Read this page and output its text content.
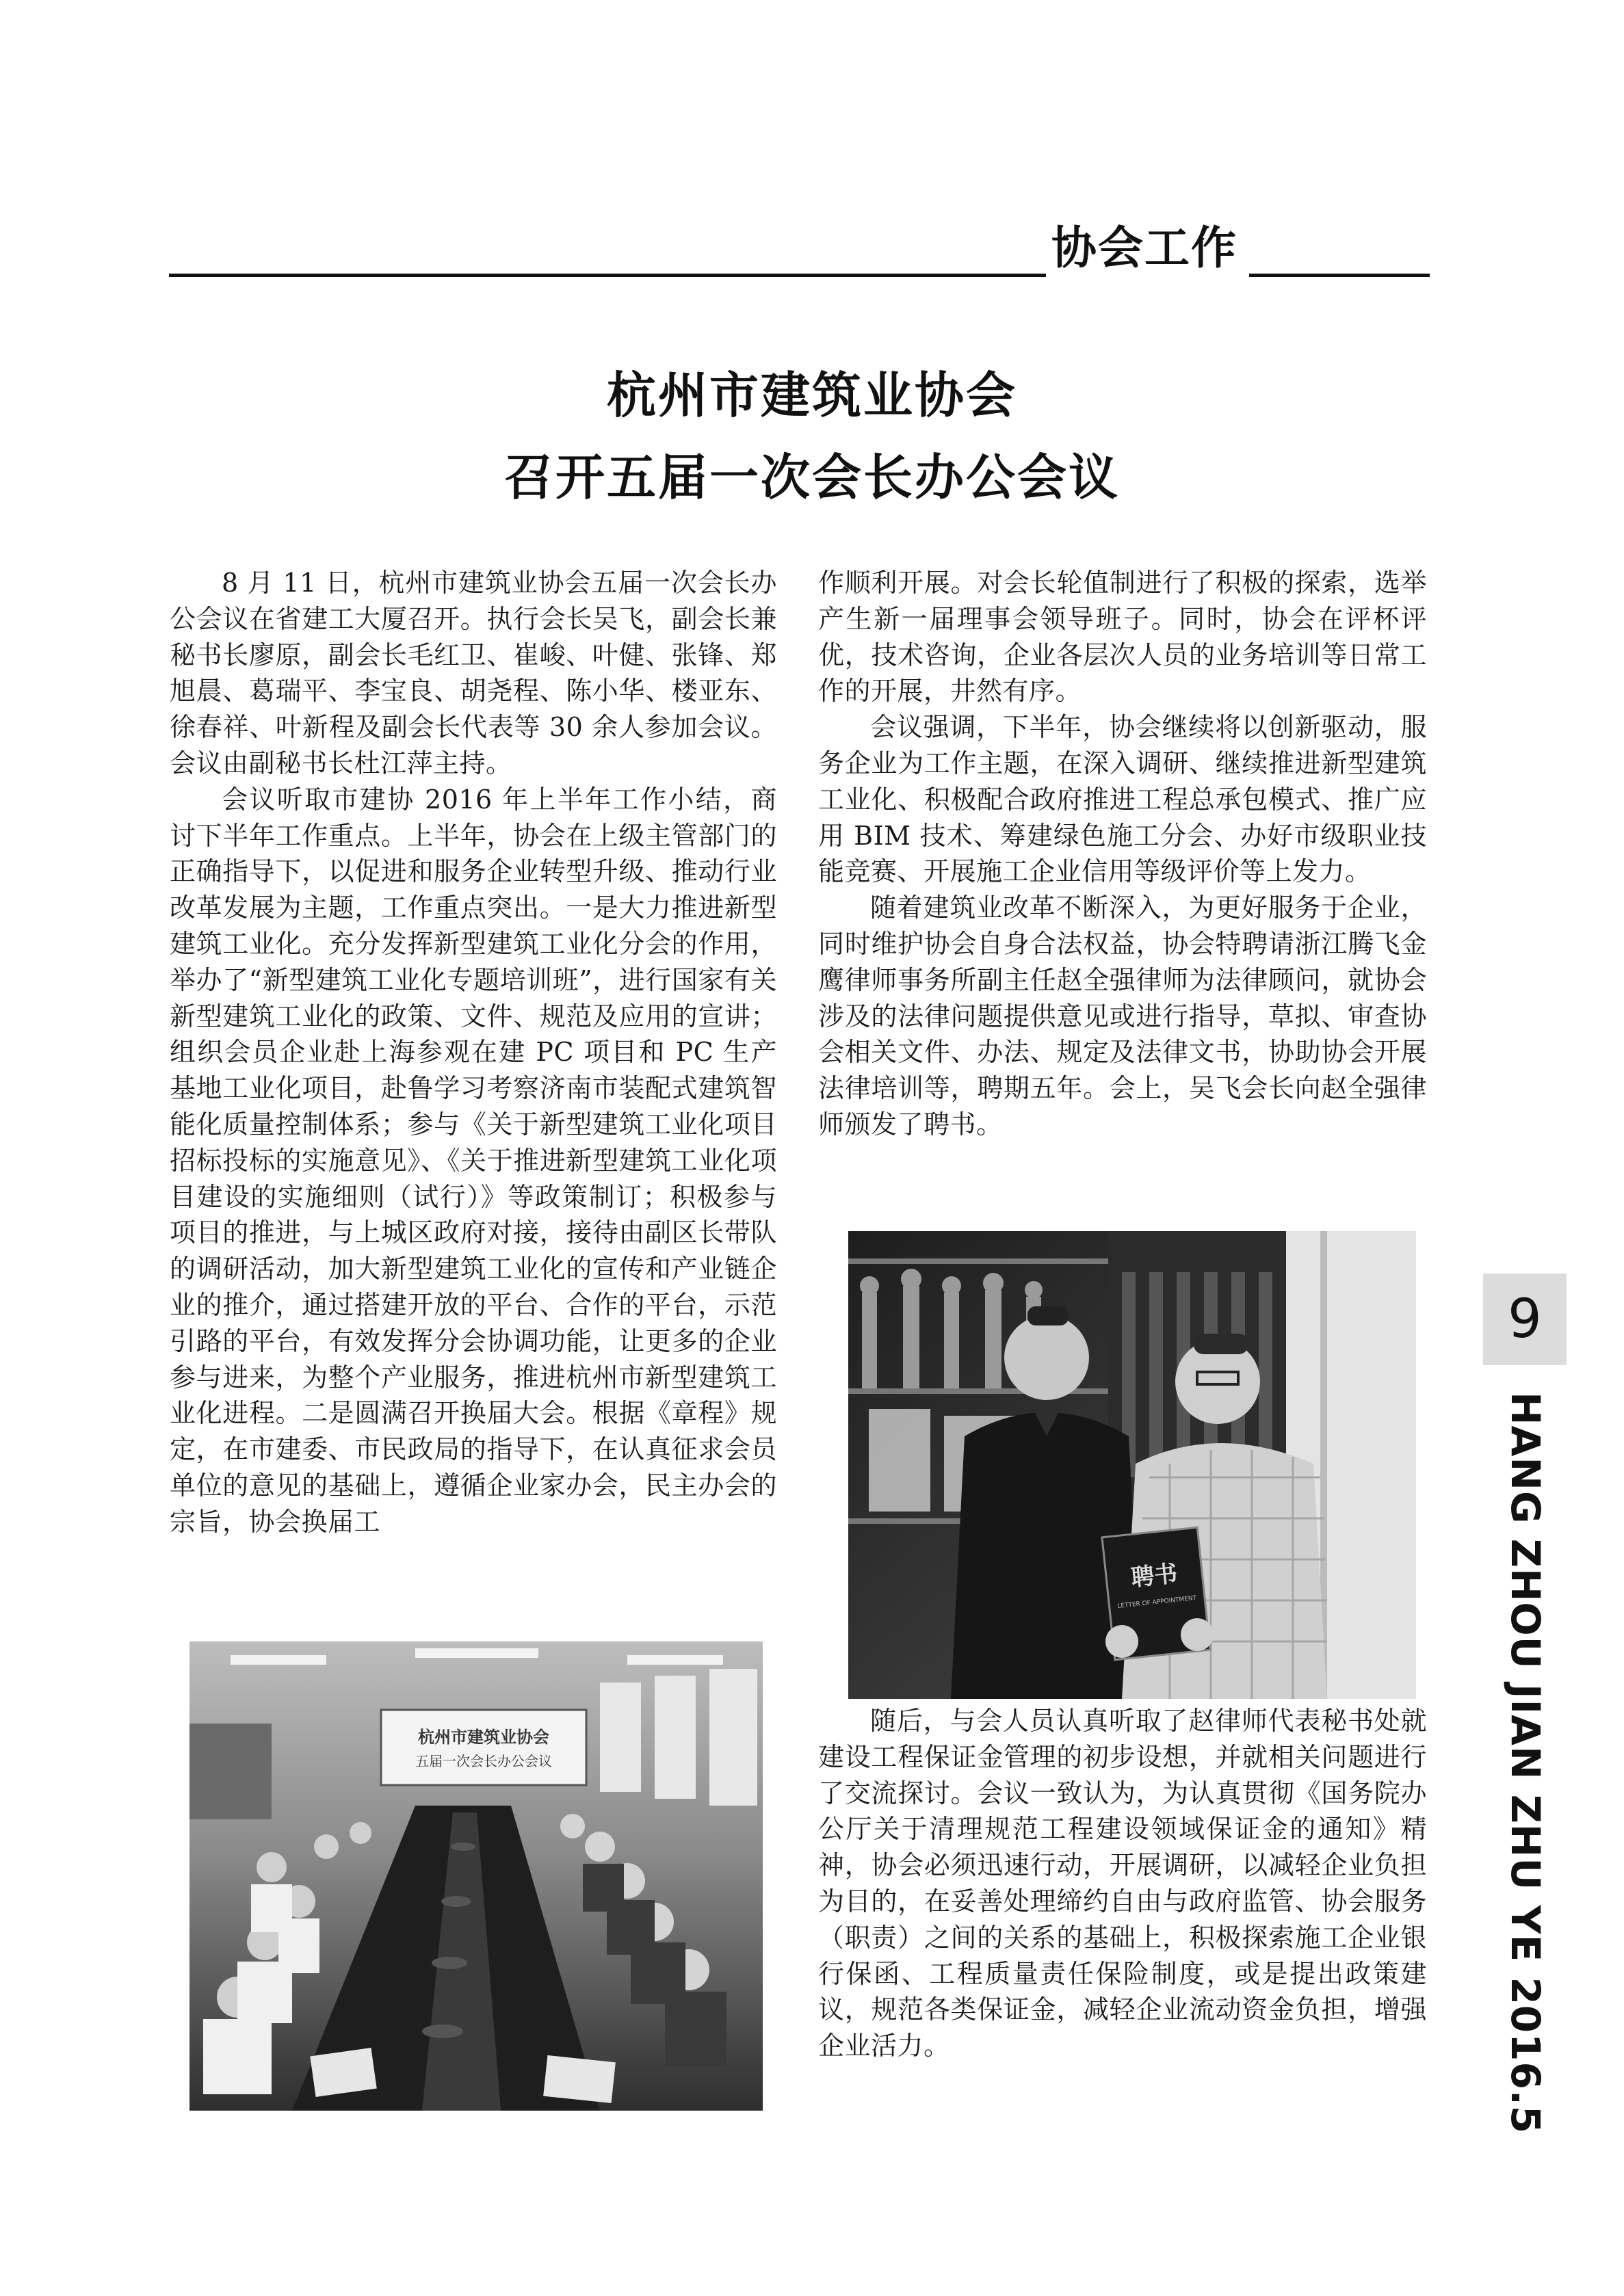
协会工作
杭州市建筑业协会
召开五届一次会长办公会议

8 月 11 日，杭州市建筑业协会五届一次会长办公会议在省建工大厦召开。执行会长吴飞，副会长兼秘书长廖原，副会长毛红卫、崔峻、叶健、张锋、郑旭晨、葛瑞平、李宝良、胡尧程、陈小华、楼亚东、徐春祥、叶新程及副会长代表等 30 余人参加会议。会议由副秘书长杜江萍主持。

会议听取市建协 2016 年上半年工作小结，商讨下半年工作重点。上半年，协会在上级主管部门的正确指导下，以促进和服务企业转型升级、推动行业改革发展为主题，工作重点突出。一是大力推进新型建筑工业化。充分发挥新型建筑工业化分会的作用，举办了“新型建筑工业化专题培训班”，进行国家有关新型建筑工业化的政策、文件、规范及应用的宣讲；组织会员企业赴上海参观在建 PC 项目和 PC 生产基地工业化项目，赴鲁学习考察济南市装配式建筑智能化质量控制体系；参与《关于新型建筑工业化项目招标投标的实施意见》、《关于推进新型建筑工业化项目建设的实施细则（试行）》等政策制订；积极参与项目的推进，与上城区政府对接，接待由副区长带队的调研活动，加大新型建筑工业化的宣传和产业链企业的推介，通过搭建开放的平台、合作的平台，示范引路的平台，有效发挥分会协调功能，让更多的企业参与进来，为整个产业服务，推进杭州市新型建筑工业化进程。二是圆满召开换届大会。根据《章程》规定，在市建委、市民政局的指导下，在认真征求会员单位的意见的基础上，遵循企业家办会，民主办会的宗旨，协会换届工

作顺利开展。对会长轮值制进行了积极的探索，选举产生新一届理事会领导班子。同时，协会在评杯评优，技术咨询，企业各层次人员的业务培训等日常工作的开展，井然有序。

会议强调，下半年，协会继续将以创新驱动，服务企业为工作主题，在深入调研、继续推进新型建筑工业化、积极配合政府推进工程总承包模式、推广应用 BIM 技术、筹建绿色施工分会、办好市级职业技能竞赛、开展施工企业信用等级评价等上发力。

随着建筑业改革不断深入，为更好服务于企业，同时维护协会自身合法权益，协会特聘请浙江腾飞金鹰律师事务所副主任赵全强律师为法律顾问，就协会涉及的法律问题提供意见或进行指导，草拟、审查协会相关文件、办法、规定及法律文书，协助协会开展法律培训等，聘期五年。会上，吴飞会长向赵全强律师颁发了聘书。

聘书
LETTER OF APPOINTMENT

随后，与会人员认真听取了赵律师代表秘书处就建设工程保证金管理的初步设想，并就相关问题进行了交流探讨。会议一致认为，为认真贯彻《国务院办公厅关于清理规范工程建设领域保证金的通知》精神，协会必须迅速行动，开展调研，以减轻企业负担为目的，在妥善处理缔约自由与政府监管、协会服务（职责）之间的关系的基础上，积极探索施工企业银行保函、工程质量责任保险制度，或是提出政策建议，规范各类保证金，减轻企业流动资金负担，增强企业活力。

杭州市建筑业协会
五届一次会长办公会议
9
HANG ZHOU JIAN ZHU YE 2016.5
